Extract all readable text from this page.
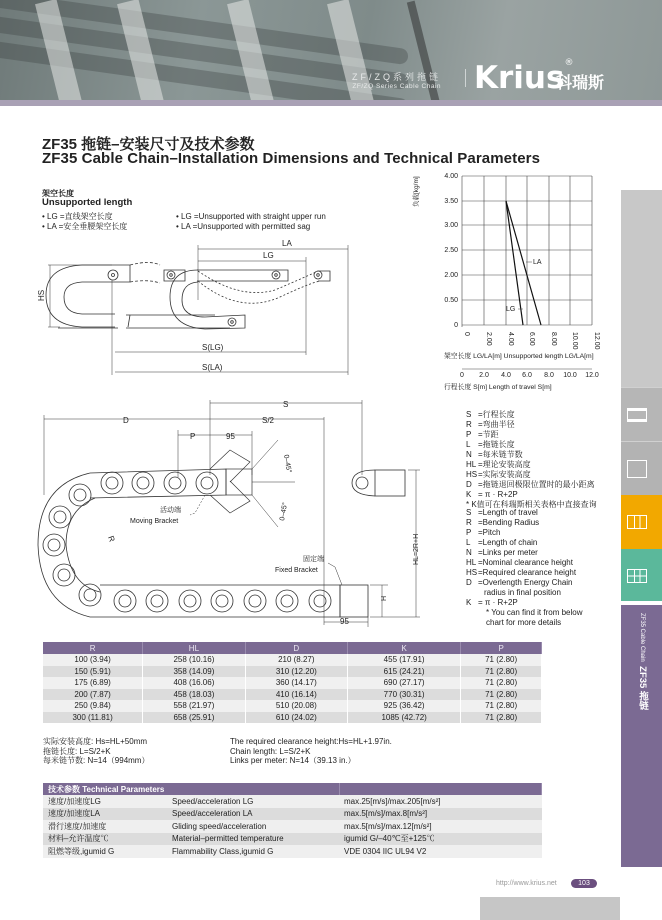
ZF/ZQ系列拖链
ZF/ZQ Series Cable Chain Krius®
科瑞斯
ZF35 拖链–安装尺寸及技术参数
ZF35 Cable Chain–Installation Dimensions and Technical Parameters
架空长度
Unsupported length
• LG =直线架空长度
• LA =安全垂腰架空长度
• LG =Unsupported with straight upper run
• LA =Unsupported with permitted sag
HS
LA
LG
S(LG)
S(LA)
LA
LG
4.00
3.50
3.00
2.50
2.00
0.50
0
0 2.00 4.00 6.00 8.00 10.00 12.00
负载[kg/m]
架空长度 LG/LA[m] Unsupported length LG/LA[m]
0 2.0 4.0 6.0 8.0 10.0 12.0
行程长度 S[m] Length of travel S[m]
S
S/2
D
P	95
0–45°
0–45°
R
活动端
Moving Bracket
固定端
Fixed Bracket
HL=2R+H
H
95
S =行程长度
R =弯曲半径
P =节距
L =拖链长度
N =每米链节数
HL =理论安装高度
HS =实际安装高度
D =拖链退回极限位置时的最小距离
K = π · R+2P
* K值可在科瑞斯相关表格中直接查询
S =Length of travel
R =Bending Radius
P =Pitch
L =Length of chain
N =Links per meter
HL =Nominal clearance height
HS =Required clearance height
D =Overlength Energy Chain
radius in final position
K = π · R+2P
* You can find it from below
chart for more details
R	HL	D	K	P
100 (3.94)	258 (10.16)	210 (8.27)	455 (17.91)	71 (2.80)
150 (5.91)	358 (14.09)	310 (12.20)	615 (24.21)	71 (2.80)
175 (6.89)	408 (16.06)	360 (14.17)	690 (27.17)	71 (2.80)
200 (7.87)	458 (18.03)	410 (16.14)	770 (30.31)	71 (2.80)
250 (9.84)	558 (21.97)	510 (20.08)	925 (36.42)	71 (2.80)
300 (11.81)	658 (25.91)	610 (24.02)	1085 (42.72)	71 (2.80)
实际安装高度: Hs=HL+50mm
拖链长度: L=S/2+K
每米链节数: N=14（994mm）
The required clearance height:Hs=HL+1.97in.
Chain length: L=S/2+K
Links per meter: N=14（39.13 in.）
技术参数 Technical Parameters		
速度/加速度LG	Speed/acceleration LG	max.25[m/s]/max.205[m/s²]
速度/加速度LA	Speed/acceleration LA	max.5[m/s]/max.8[m/s²]
滑行速度/加速度	Gliding speed/acceleration	max.5[m/s]/max.12[m/s²]
材料–允许温度℃	Material–permitted temperature	igumid G/–40℃至+125℃
阻燃等级,igumid G	Flammability Class,igumid G	VDE 0304 IIC UL94 V2
http://www.krius.net	103
ZF35 Cable Chain ZF35 拖链
